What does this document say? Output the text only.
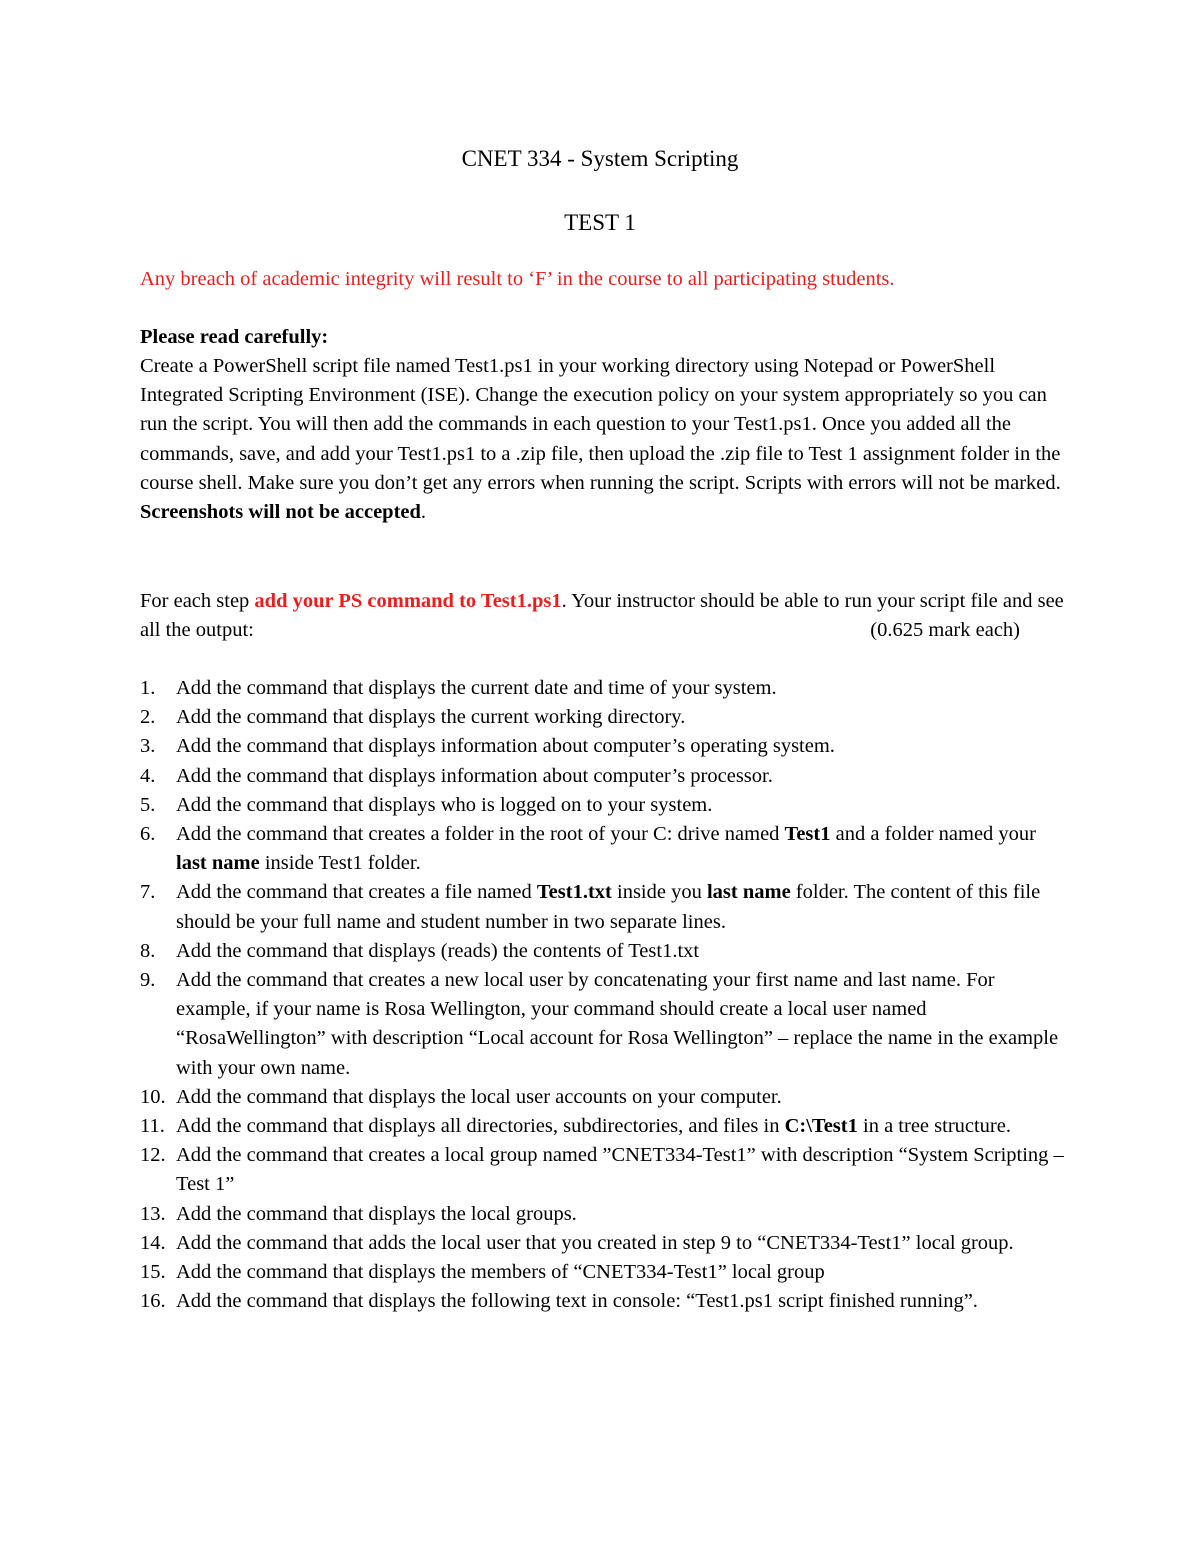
CNET 334 - System Scripting
TEST 1
Any breach of academic integrity will result to ‘F’ in the course to all participating students.
Please read carefully:
Create a PowerShell script file named Test1.ps1 in your working directory using Notepad or PowerShell Integrated Scripting Environment (ISE). Change the execution policy on your system appropriately so you can run the script. You will then add the commands in each question to your Test1.ps1. Once you added all the commands, save, and add your Test1.ps1 to a .zip file, then upload the .zip file to Test 1 assignment folder in the course shell. Make sure you don’t get any errors when running the script. Scripts with errors will not be marked. Screenshots will not be accepted.
For each step add your PS command to Test1.ps1. Your instructor should be able to run your script file and see all the output:	(0.625 mark each)
1. Add the command that displays the current date and time of your system.
2. Add the command that displays the current working directory.
3. Add the command that displays information about computer’s operating system.
4. Add the command that displays information about computer’s processor.
5. Add the command that displays who is logged on to your system.
6. Add the command that creates a folder in the root of your C: drive named Test1 and a folder named your last name inside Test1 folder.
7. Add the command that creates a file named Test1.txt inside you last name folder. The content of this file should be your full name and student number in two separate lines.
8. Add the command that displays (reads) the contents of Test1.txt
9. Add the command that creates a new local user by concatenating your first name and last name. For example, if your name is Rosa Wellington, your command should create a local user named “RosaWellington” with description “Local account for Rosa Wellington” – replace the name in the example with your own name.
10. Add the command that displays the local user accounts on your computer.
11. Add the command that displays all directories, subdirectories, and files in C:\Test1 in a tree structure.
12. Add the command that creates a local group named ”CNET334-Test1” with description “System Scripting – Test 1”
13. Add the command that displays the local groups.
14. Add the command that adds the local user that you created in step 9 to “CNET334-Test1” local group.
15. Add the command that displays the members of “CNET334-Test1” local group
16. Add the command that displays the following text in console: “Test1.ps1 script finished running”.
